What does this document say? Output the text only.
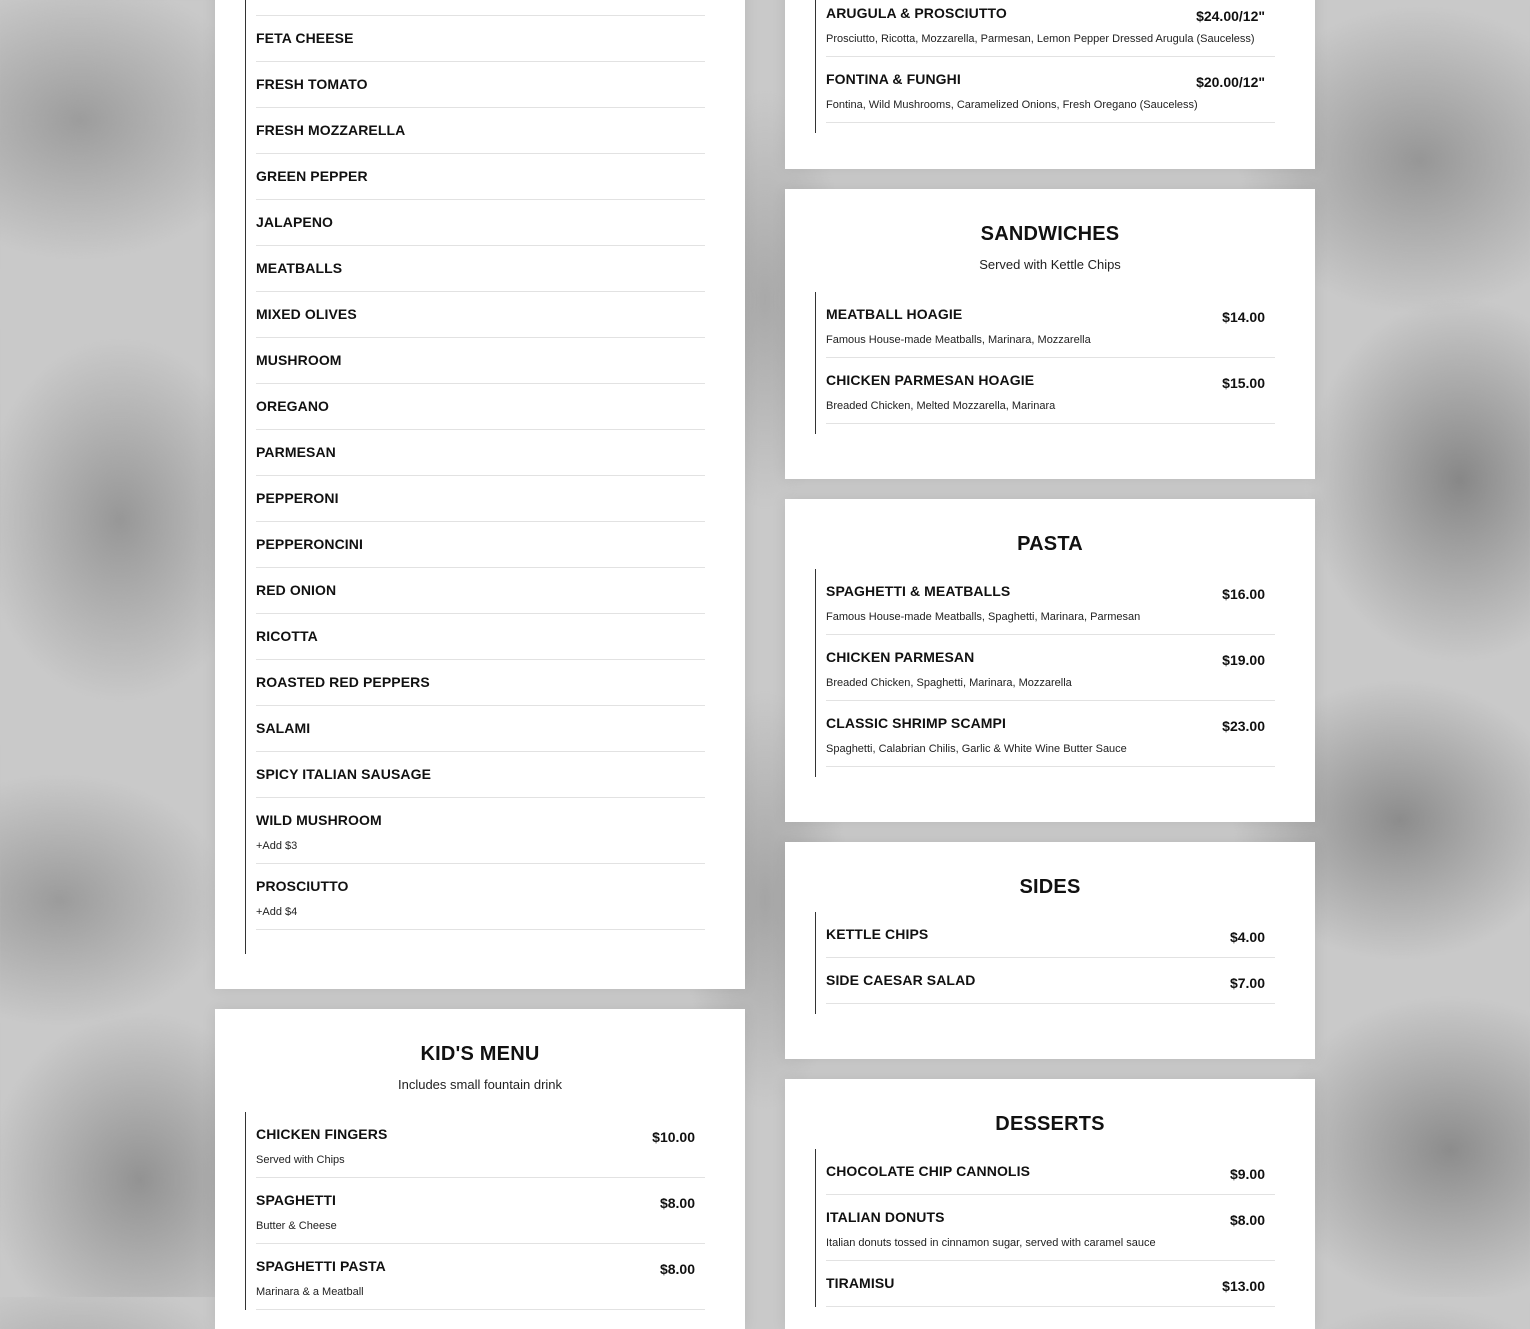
FETA CHEESE
FRESH TOMATO
FRESH MOZZARELLA
GREEN PEPPER
JALAPENO
MEATBALLS
MIXED OLIVES
MUSHROOM
OREGANO
PARMESAN
PEPPERONI
PEPPERONCINI
RED ONION
RICOTTA
ROASTED RED PEPPERS
SALAMI
SPICY ITALIAN SAUSAGE
WILD MUSHROOM
+Add $3
PROSCIUTTO
+Add $4
KID'S MENU
Includes small fountain drink
CHICKEN FINGERS	$10.00
Served with Chips
SPAGHETTI	$8.00
Butter & Cheese
SPAGHETTI PASTA	$8.00
Marinara & a Meatball
ARUGULA & PROSCIUTTO	$24.00/12"
Prosciutto, Ricotta, Mozzarella, Parmesan, Lemon Pepper Dressed Arugula (Sauceless)
FONTINA & FUNGHI	$20.00/12"
Fontina, Wild Mushrooms, Caramelized Onions, Fresh Oregano (Sauceless)
SANDWICHES
Served with Kettle Chips
MEATBALL HOAGIE	$14.00
Famous House-made Meatballs, Marinara, Mozzarella
CHICKEN PARMESAN HOAGIE	$15.00
Breaded Chicken, Melted Mozzarella, Marinara
PASTA
SPAGHETTI & MEATBALLS	$16.00
Famous House-made Meatballs, Spaghetti, Marinara, Parmesan
CHICKEN PARMESAN	$19.00
Breaded Chicken, Spaghetti, Marinara, Mozzarella
CLASSIC SHRIMP SCAMPI	$23.00
Spaghetti, Calabrian Chilis, Garlic & White Wine Butter Sauce
SIDES
KETTLE CHIPS	$4.00
SIDE CAESAR SALAD	$7.00
DESSERTS
CHOCOLATE CHIP CANNOLIS	$9.00
ITALIAN DONUTS	$8.00
Italian donuts tossed in cinnamon sugar, served with caramel sauce
TIRAMISU	$13.00
